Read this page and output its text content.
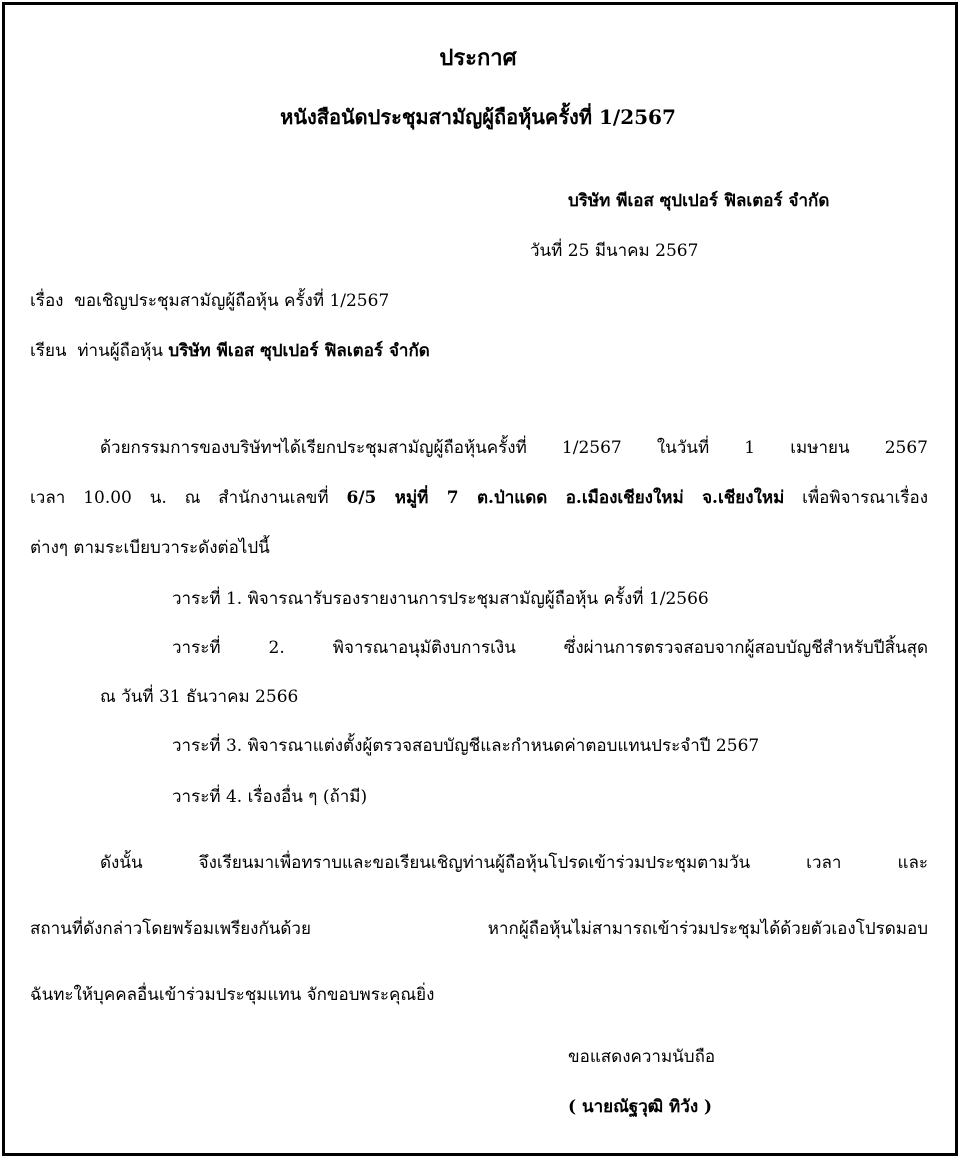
ประกาศ
หนังสือนัดประชุมสามัญผู้ถือหุ้นครั้งที่ 1/2567
บริษัท พีเอส ซุปเปอร์ ฟิลเตอร์ จำกัด
วันที่ 25 มีนาคม 2567
เรื่อง ขอเชิญประชุมสามัญผู้ถือหุ้น ครั้งที่ 1/2567
เรียน ท่านผู้ถือหุ้น บริษัท พีเอส ซุปเปอร์ ฟิลเตอร์ จำกัด
ด้วยกรรมการของบริษัทฯได้เรียกประชุมสามัญผู้ถือหุ้นครั้งที่ 1/2567 ในวันที่ 1 เมษายน 2567
เวลา 10.00 น. ณ สำนักงานเลขที่ 6/5 หมู่ที่ 7 ต.ป่าแดด อ.เมืองเชียงใหม่ จ.เชียงใหม่ เพื่อพิจารณาเรื่อง
ต่างๆ ตามระเบียบวาระดังต่อไปนี้
วาระที่ 1. พิจารณารับรองรายงานการประชุมสามัญผู้ถือหุ้น ครั้งที่ 1/2566
วาระที่ 2.	พิจารณาอนุมัติงบการเงิน ซึ่งผ่านการตรวจสอบจากผู้สอบบัญชีสำหรับปีสิ้นสุด
ณ วันที่ 31 ธันวาคม 2566
วาระที่ 3. พิจารณาแต่งตั้งผู้ตรวจสอบบัญชีและกำหนดค่าตอบแทนประจำปี 2567
วาระที่ 4. เรื่องอื่น ๆ (ถ้ามี)
ดังนั้น จึงเรียนมาเพื่อทราบและขอเรียนเชิญท่านผู้ถือหุ้นโปรดเข้าร่วมประชุมตามวัน เวลา และ
สถานที่ดังกล่าวโดยพร้อมเพรียงกันด้วย หากผู้ถือหุ้นไม่สามารถเข้าร่วมประชุมได้ด้วยตัวเองโปรดมอบ
ฉันทะให้บุคคลอื่นเข้าร่วมประชุมแทน จักขอบพระคุณยิ่ง
ขอแสดงความนับถือ
( นายณัฐวุฒิ ทิวัง )
